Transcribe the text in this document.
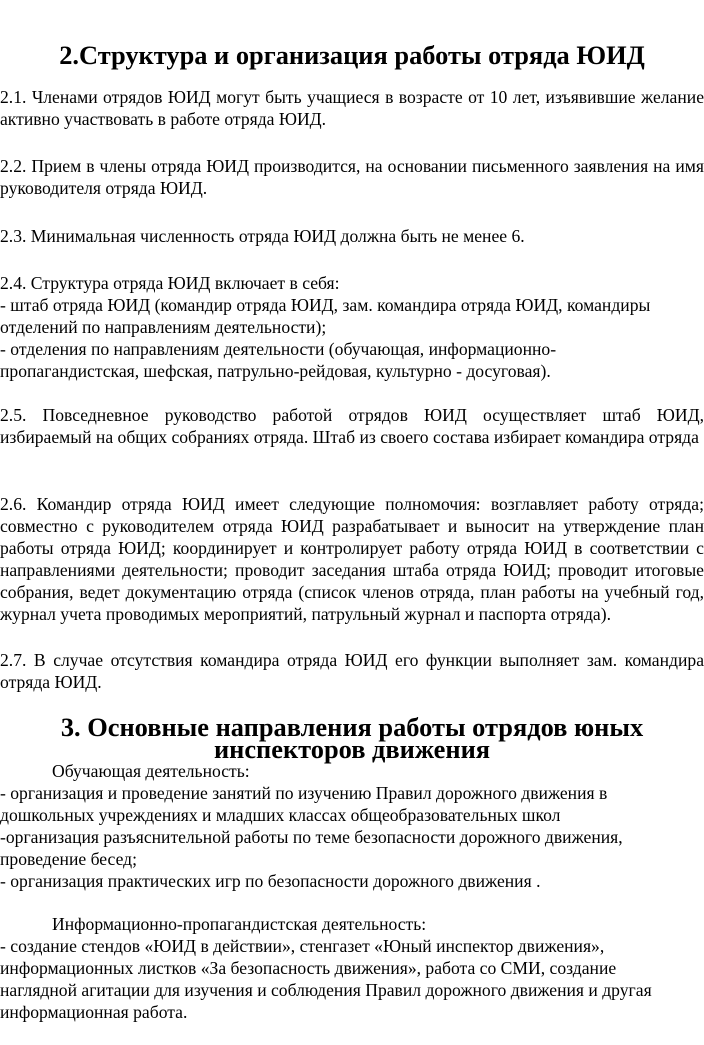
2.Структура и организация работы отряда ЮИД

2.1. Членами отрядов ЮИД могут быть учащиеся в возрасте от 10 лет, изъявившие желание активно участвовать в работе отряда ЮИД.

2.2. Прием в члены отряда ЮИД производится, на основании письменного заявления на имя руководителя отряда ЮИД.

2.3. Минимальная численность отряда ЮИД должна быть не менее 6.

2.4. Структура отряда ЮИД включает в себя:
- штаб отряда ЮИД (командир отряда ЮИД, зам. командира отряда ЮИД, командиры
отделений по направлениям деятельности);
- отделения по направлениям деятельности (обучающая, информационно-
пропагандистская, шефская, патрульно-рейдовая, культурно - досуговая).

2.5. Повседневное руководство работой отрядов ЮИД осуществляет штаб ЮИД, избираемый на общих собраниях отряда. Штаб из своего состава избирает командира отряда

2.6. Командир отряда ЮИД имеет следующие полномочия: возглавляет работу отряда; совместно с руководителем отряда ЮИД разрабатывает и выносит на утверждение план работы отряда ЮИД; координирует и контролирует работу отряда ЮИД в соответствии с направлениями деятельности; проводит заседания штаба отряда ЮИД; проводит итоговые собрания, ведет документацию отряда (список членов отряда, план работы на учебный год, журнал учета проводимых мероприятий, патрульный журнал и паспорта отряда).

2.7. В случае отсутствия командира отряда ЮИД его функции выполняет зам. командира отряда ЮИД.

3. Основные направления работы отрядов юных инспекторов движения
Обучающая деятельность:
- организация и проведение занятий по изучению Правил дорожного движения в
дошкольных учреждениях и младших классах общеобразовательных школ
-организация разъяснительной работы по теме безопасности дорожного движения,
проведение бесед;
- организация практических игр по безопасности дорожного движения .
Информационно-пропагандистская деятельность:
- создание стендов «ЮИД в действии», стенгазет «Юный инспектор движения»,
информационных листков «За безопасность движения», работа со СМИ, создание
наглядной агитации для изучения и соблюдения Правил дорожного движения и другая
информационная работа.
